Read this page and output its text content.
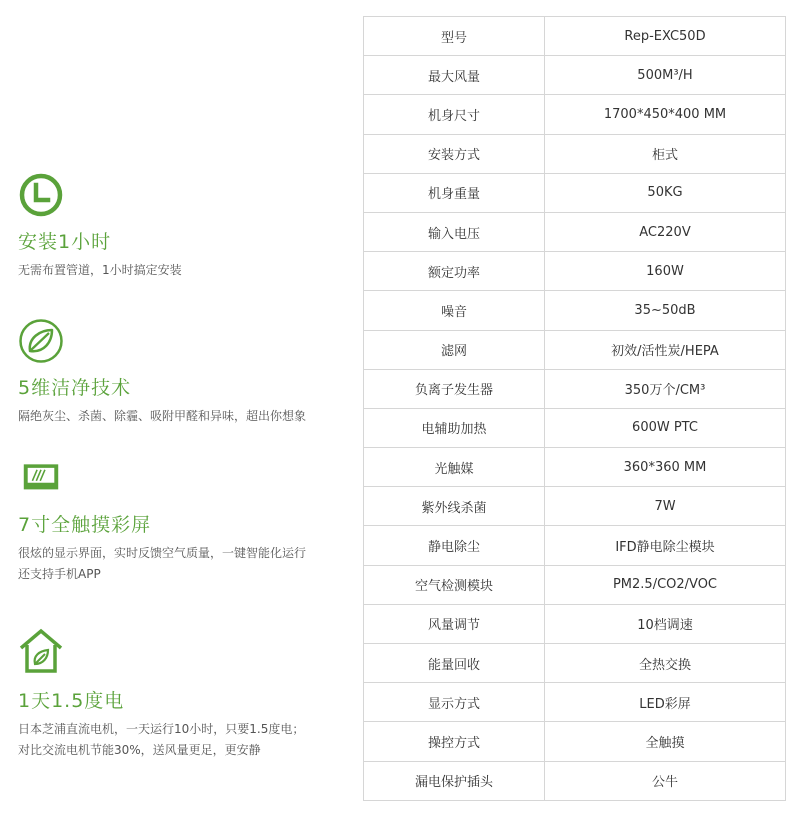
安装1小时
无需布置管道，1小时搞定安装
5维洁净技术
隔绝灰尘、杀菌、除霾、吸附甲醛和异味，超出你想象
7寸全触摸彩屏
很炫的显示界面，实时反馈空气质量，一键智能化运行
还支持手机APP
1天1.5度电
日本芝浦直流电机，一天运行10小时，只要1.5度电；
对比交流电机节能30%，送风量更足，更安静
型号	Rep-EXC50D
最大风量	500M³/H
机身尺寸	1700*450*400 MM
安装方式	柜式
机身重量	50KG
输入电压	AC220V
额定功率	160W
噪音	35~50dB
滤网	初效/活性炭/HEPA
负离子发生器	350万个/CM³
电辅助加热	600W PTC
光触媒	360*360 MM
紫外线杀菌	7W
静电除尘	IFD静电除尘模块
空气检测模块	PM2.5/CO2/VOC
风量调节	10档调速
能量回收	全热交换
显示方式	LED彩屏
操控方式	全触摸
漏电保护插头	公牛
